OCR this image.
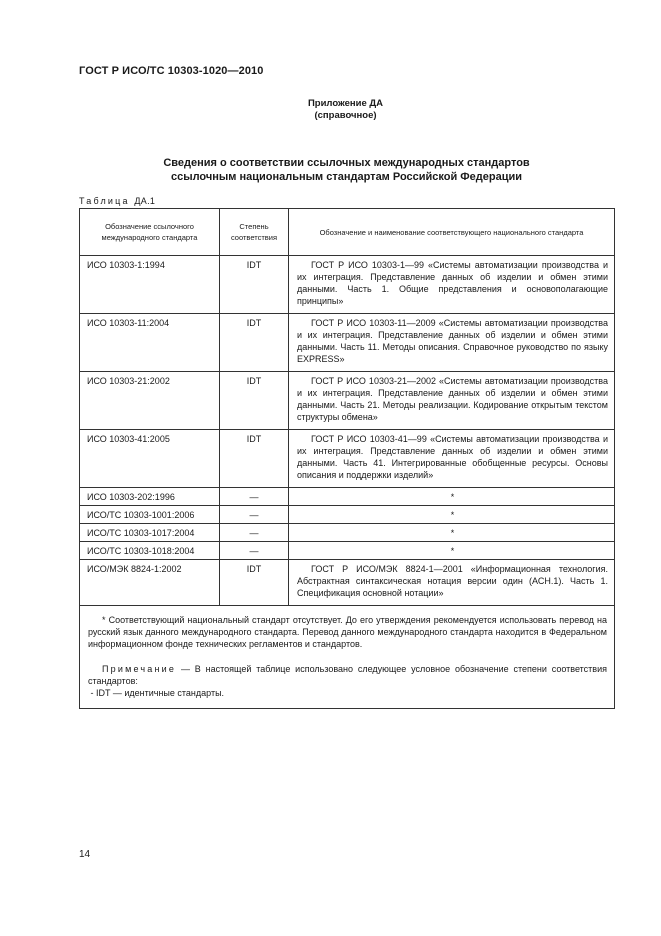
ГОСТ Р ИСО/ТС 10303-1020—2010
Приложение ДА
(справочное)
Сведения о соответствии ссылочных международных стандартов
ссылочным национальным стандартам Российской Федерации
Таблица ДА.1
Обозначение ссылочного международного стандарта	Степень соответствия	Обозначение и наименование соответствующего национального стандарта
ИСО 10303-1:1994	IDT	ГОСТ Р ИСО 10303-1—99 «Системы автоматизации производства и их интеграция. Представление данных об изделии и обмен этими данными. Часть 1. Общие представления и основополагающие принципы»
ИСО 10303-11:2004	IDT	ГОСТ Р ИСО 10303-11—2009 «Системы автоматизации производства и их интеграция. Представление данных об изделии и обмен этими данными. Часть 11. Методы описания. Справочное руководство по языку EXPRESS»
ИСО 10303-21:2002	IDT	ГОСТ Р ИСО 10303-21—2002 «Системы автоматизации производства и их интеграция. Представление данных об изделии и обмен этими данными. Часть 21. Методы реализации. Кодирование открытым текстом структуры обмена»
ИСО 10303-41:2005	IDT	ГОСТ Р ИСО 10303-41—99 «Системы автоматизации производства и их интеграция. Представление данных об изделии и обмен этими данными. Часть 41. Интегрированные обобщенные ресурсы. Основы описания и поддержки изделий»
ИСО 10303-202:1996	—	*
ИСО/ТС 10303-1001:2006	—	*
ИСО/ТС 10303-1017:2004	—	*
ИСО/ТС 10303-1018:2004	—	*
ИСО/МЭК 8824-1:2002	IDT	ГОСТ Р ИСО/МЭК 8824-1—2001 «Информационная технология. Абстрактная синтаксическая нотация версии один (АСН.1). Часть 1. Спецификация основной нотации»

* Соответствующий национальный стандарт отсутствует. До его утверждения рекомендуется использовать перевод на русский язык данного международного стандарта. Перевод данного международного стандарта находится в Федеральном информационном фонде технических регламентов и стандартов.

Примечание — В настоящей таблице использовано следующее условное обозначение степени соответствия стандартов:

- IDT — идентичные стандарты.		

14
